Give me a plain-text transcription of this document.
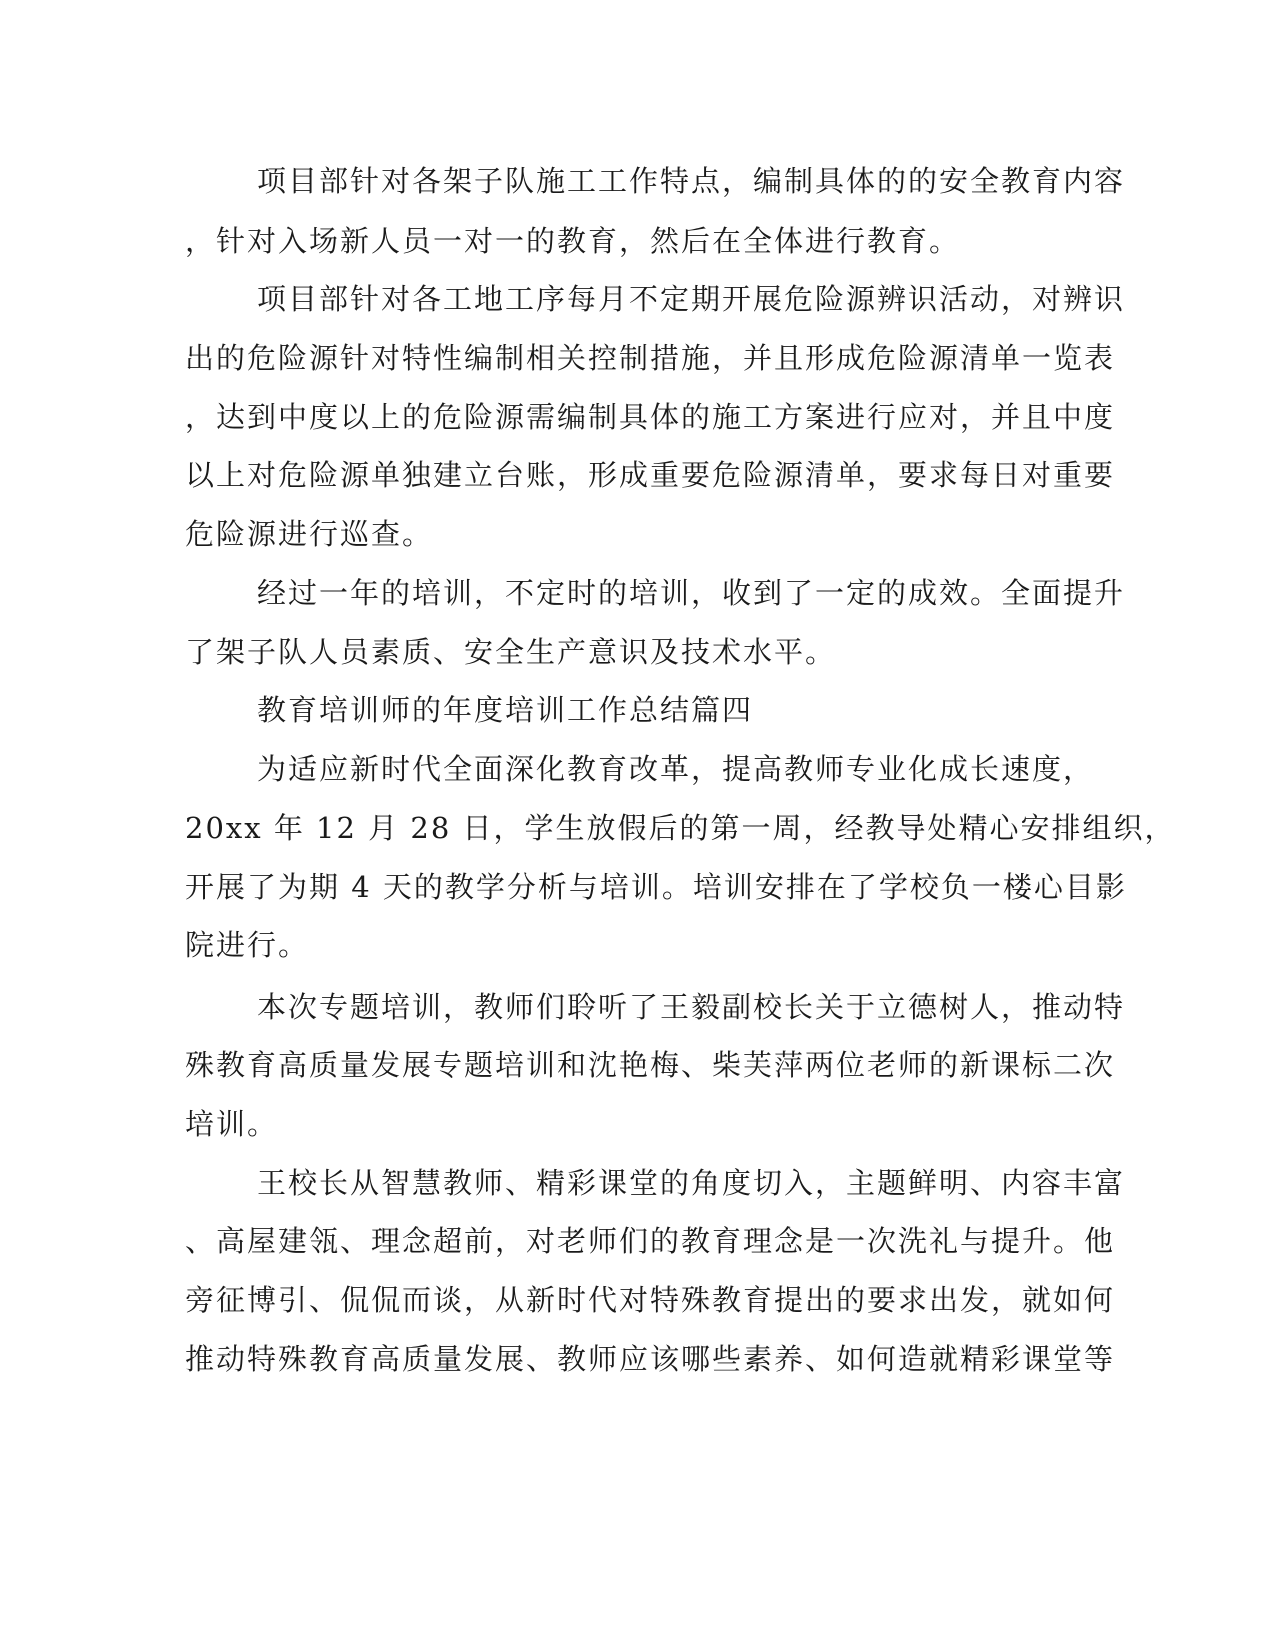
项目部针对各架子队施工工作特点，编制具体的的安全教育内容
，针对入场新人员一对一的教育，然后在全体进行教育。
项目部针对各工地工序每月不定期开展危险源辨识活动，对辨识
出的危险源针对特性编制相关控制措施，并且形成危险源清单一览表
，达到中度以上的危险源需编制具体的施工方案进行应对，并且中度
以上对危险源单独建立台账，形成重要危险源清单，要求每日对重要
危险源进行巡查。
经过一年的培训，不定时的培训，收到了一定的成效。全面提升
了架子队人员素质、安全生产意识及技术水平。
教育培训师的年度培训工作总结篇四
为适应新时代全面深化教育改革，提高教师专业化成长速度，
20xx 年 12 月 28 日，学生放假后的第一周，经教导处精心安排组织，
开展了为期 4 天的教学分析与培训。培训安排在了学校负一楼心目影
院进行。
本次专题培训，教师们聆听了王毅副校长关于立德树人，推动特
殊教育高质量发展专题培训和沈艳梅、柴芙萍两位老师的新课标二次
培训。
王校长从智慧教师、精彩课堂的角度切入，主题鲜明、内容丰富
、高屋建瓴、理念超前，对老师们的教育理念是一次洗礼与提升。他
旁征博引、侃侃而谈，从新时代对特殊教育提出的要求出发，就如何
推动特殊教育高质量发展、教师应该哪些素养、如何造就精彩课堂等
